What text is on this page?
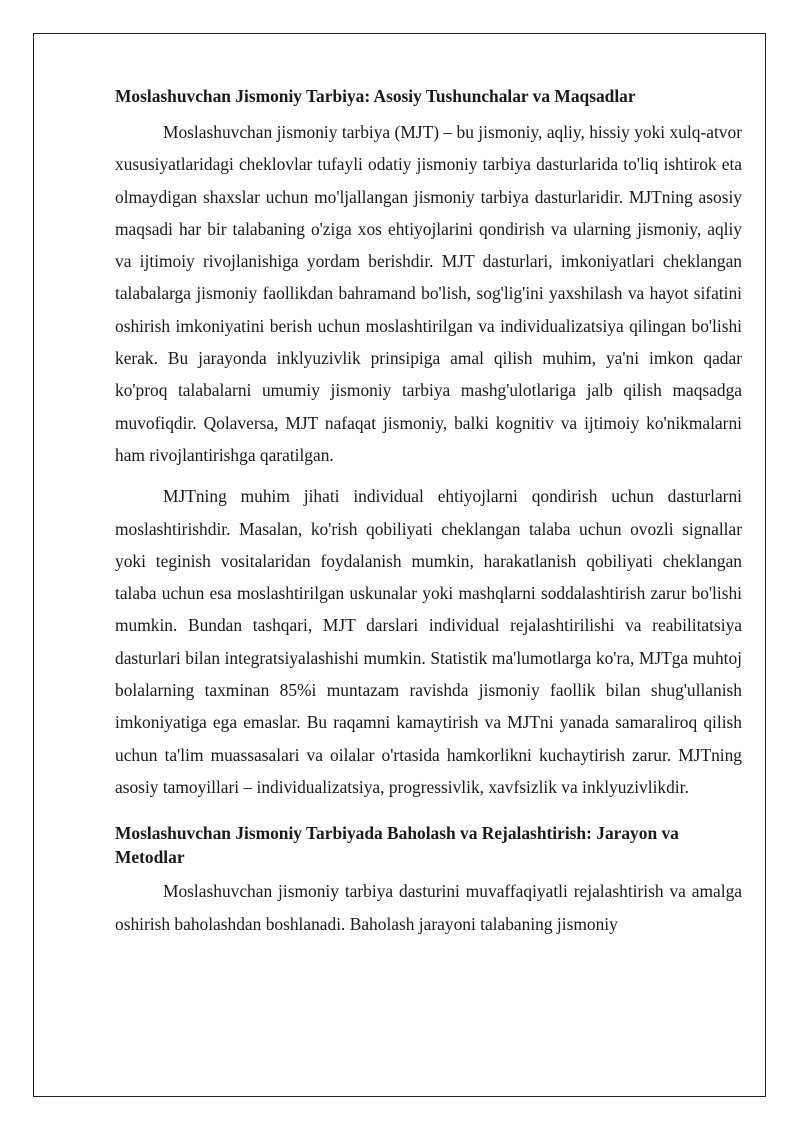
Moslashuvchan Jismoniy Tarbiya: Asosiy Tushunchalar va Maqsadlar

Moslashuvchan jismoniy tarbiya (MJT) – bu jismoniy, aqliy, hissiy yoki xulq-atvor xususiyatlaridagi cheklovlar tufayli odatiy jismoniy tarbiya dasturlarida to'liq ishtirok eta olmaydigan shaxslar uchun mo'ljallangan jismoniy tarbiya dasturlaridir. MJTning asosiy maqsadi har bir talabaning o'ziga xos ehtiyojlarini qondirish va ularning jismoniy, aqliy va ijtimoiy rivojlanishiga yordam berishdir. MJT dasturlari, imkoniyatlari cheklangan talabalarga jismoniy faollikdan bahramand bo'lish, sog'lig'ini yaxshilash va hayot sifatini oshirish imkoniyatini berish uchun moslashtirilgan va individualizatsiya qilingan bo'lishi kerak. Bu jarayonda inklyuzivlik prinsipiga amal qilish muhim, ya'ni imkon qadar ko'proq talabalarni umumiy jismoniy tarbiya mashg'ulotlariga jalb qilish maqsadga muvofiqdir. Qolaversa, MJT nafaqat jismoniy, balki kognitiv va ijtimoiy ko'nikmalarni ham rivojlantirishga qaratilgan.

MJTning muhim jihati individual ehtiyojlarni qondirish uchun dasturlarni moslashtirishdir. Masalan, ko'rish qobiliyati cheklangan talaba uchun ovozli signallar yoki teginish vositalaridan foydalanish mumkin, harakatlanish qobiliyati cheklangan talaba uchun esa moslashtirilgan uskunalar yoki mashqlarni soddalashtirish zarur bo'lishi mumkin. Bundan tashqari, MJT darslari individual rejalashtirilishi va reabilitatsiya dasturlari bilan integratsiyalashishi mumkin. Statistik ma'lumotlarga ko'ra, MJTga muhtoj bolalarning taxminan 85%i muntazam ravishda jismoniy faollik bilan shug'ullanish imkoniyatiga ega emaslar. Bu raqamni kamaytirish va MJTni yanada samaraliroq qilish uchun ta'lim muassasalari va oilalar o'rtasida hamkorlikni kuchaytirish zarur. MJTning asosiy tamoyillari – individualizatsiya, progressivlik, xavfsizlik va inklyuzivlikdir.

Moslashuvchan Jismoniy Tarbiyada Baholash va Rejalashtirish: Jarayon va Metodlar

Moslashuvchan jismoniy tarbiya dasturini muvaffaqiyatli rejalashtirish va amalga oshirish baholashdan boshlanadi. Baholash jarayoni talabaning jismoniy
